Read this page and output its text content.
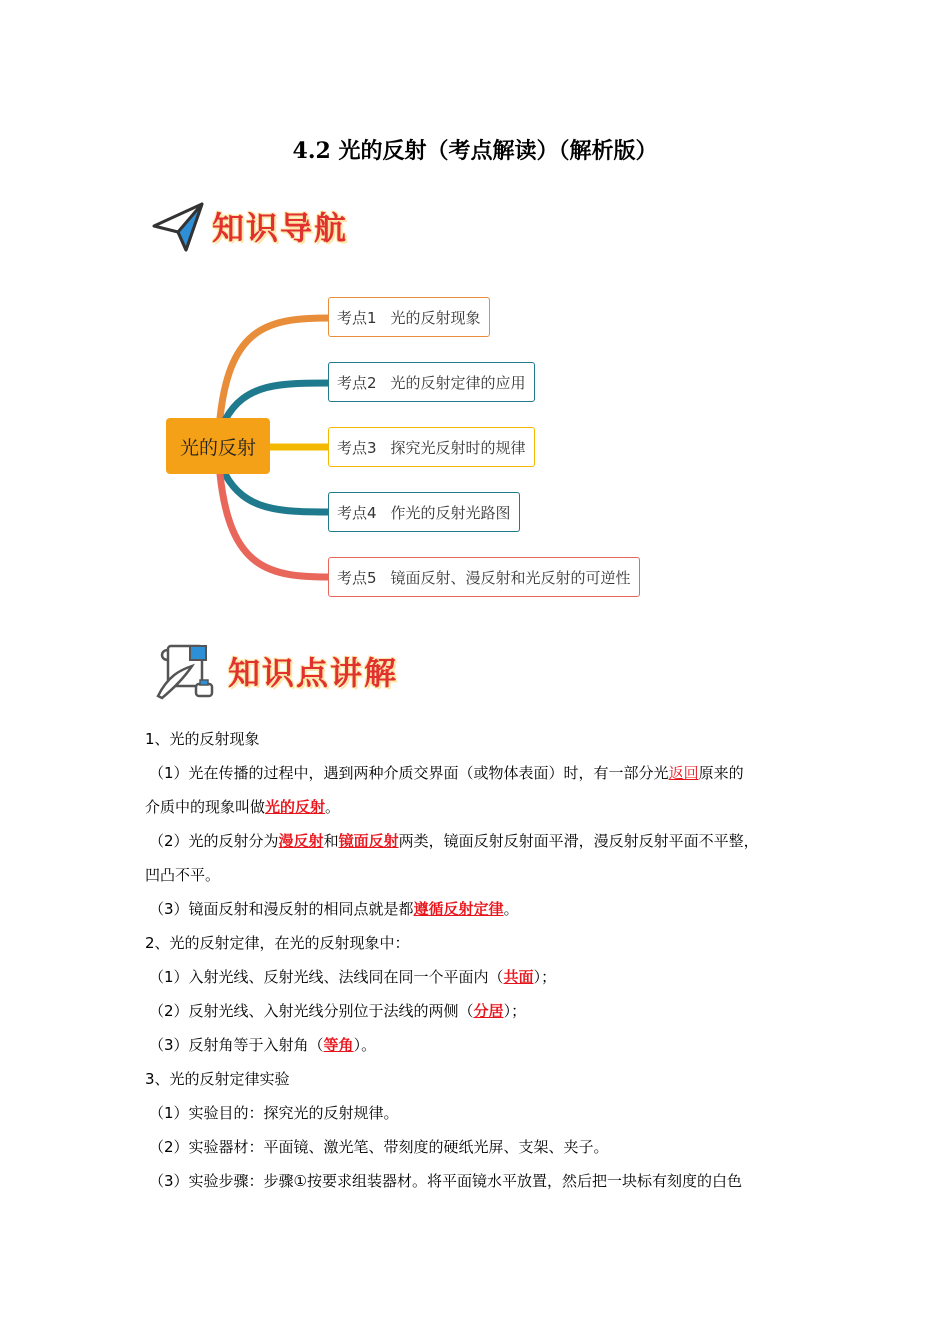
4.2 光的反射（考点解读）（解析版）
知识导航
光的反射
考点1 光的反射现象
考点2 光的反射定律的应用
考点3 探究光反射时的规律
考点4 作光的反射光路图
考点5 镜面反射、漫反射和光反射的可逆性
知识点讲解

1、光的反射现象

（1）光在传播的过程中，遇到两种介质交界面（或物体表面）时，有一部分光返回原来的

介质中的现象叫做光的反射。

（2）光的反射分为漫反射和镜面反射两类，镜面反射反射面平滑，漫反射反射平面不平整，

凹凸不平。

（3）镜面反射和漫反射的相同点就是都遵循反射定律。

2、光的反射定律，在光的反射现象中：

（1）入射光线、反射光线、法线同在同一个平面内（共面）；

（2）反射光线、入射光线分别位于法线的两侧（分居）；

（3）反射角等于入射角（等角）。

3、光的反射定律实验

（1）实验目的：探究光的反射规律。

（2）实验器材：平面镜、激光笔、带刻度的硬纸光屏、支架、夹子。

（3）实验步骤：步骤①按要求组装器材。将平面镜水平放置，然后把一块标有刻度的白色
